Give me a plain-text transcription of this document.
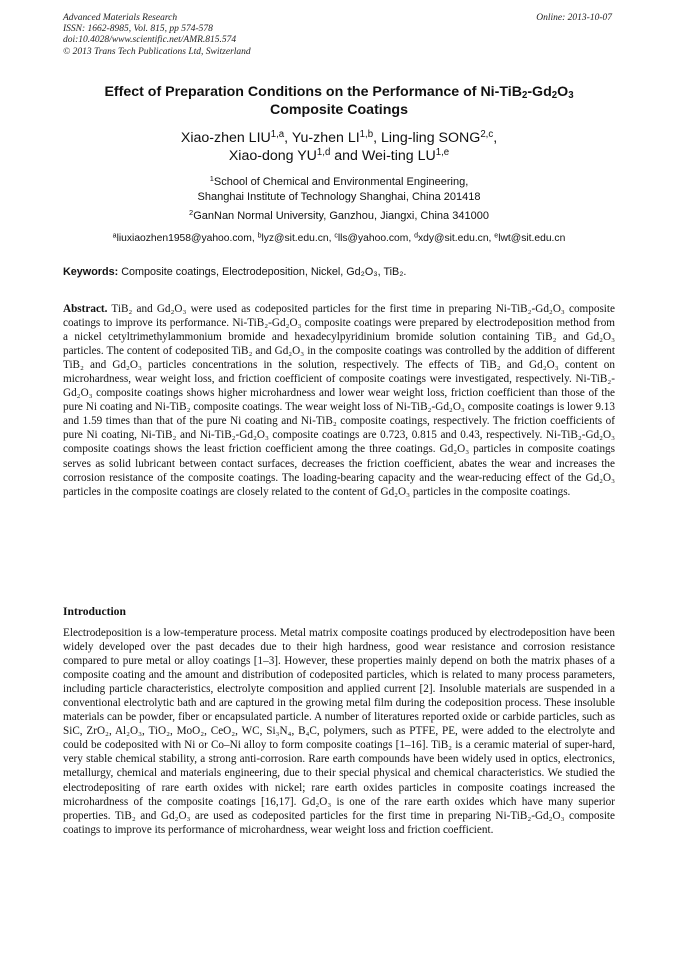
Advanced Materials Research
ISSN: 1662-8985, Vol. 815, pp 574-578
doi:10.4028/www.scientific.net/AMR.815.574
© 2013 Trans Tech Publications Ltd, Switzerland
Online: 2013-10-07
Effect of Preparation Conditions on the Performance of $Ni-TiB_2-Gd_2O_3$
Composite Coatings
Xiao-zhen LIU$^{1,a}$, Yu-zhen LI$^{1,b}$, Ling-ling SONG$^{2,c}$,
Xiao-dong YU$^{1,d}$ and Wei-ting LU$^{1,e}$
$^1$School of Chemical and Environmental Engineering,
Shanghai Institute of Technology Shanghai, China 201418
$^2$GanNan Normal University, Ganzhou, Jiangxi, China 341000
$^a$liuxiaozhen1958@yahoo.com, $^b$lyz@sit.edu.cn, $^c$lls@yahoo.com, $^d$xdy@sit.edu.cn, $^e$lwt@sit.edu.cn
Keywords: Composite coatings, Electrodeposition, Nickel, Gd₂O₃, TiB₂.
Abstract. TiB₂ and Gd₂O₃ were used as codeposited particles for the first time in preparing Ni-TiB₂-Gd₂O₃ composite coatings to improve its performance. Ni-TiB₂-Gd₂O₃ composite coatings were prepared by electrodeposition method from a nickel cetyltrimethylammonium bromide and hexadecylpyridinium bromide solution containing TiB₂ and Gd₂O₃ particles. The content of codeposited TiB₂ and Gd₂O₃ in the composite coatings was controlled by the addition of different TiB₂ and Gd₂O₃ particles concentrations in the solution, respectively. The effects of TiB₂ and Gd₂O₃ content on microhardness, wear weight loss, and friction coefficient of composite coatings were investigated, respectively. Ni-TiB₂-Gd₂O₃ composite coatings shows higher microhardness and lower wear weight loss, friction coefficient than those of the pure Ni coating and Ni-TiB₂ composite coatings. The wear weight loss of Ni-TiB₂-Gd₂O₃ composite coatings is lower 9.13 and 1.59 times than that of the pure Ni coating and Ni-TiB₂ composite coatings, respectively. The friction coefficients of pure Ni coating, Ni-TiB₂ and Ni-TiB₂-Gd₂O₃ composite coatings are 0.723, 0.815 and 0.43, respectively. Ni-TiB₂-Gd₂O₃ composite coatings shows the least friction coefficient among the three coatings. Gd₂O₃ particles in composite coatings serves as solid lubricant between contact surfaces, decreases the friction coefficient, abates the wear and increases the corrosion resistance of the composite coatings. The loading-bearing capacity and the wear-reducing effect of the Gd₂O₃ particles in the composite coatings are closely related to the content of Gd₂O₃ particles in the composite coatings.
Introduction
Electrodeposition is a low-temperature process. Metal matrix composite coatings produced by electrodeposition have been widely developed over the past decades due to their high hardness, good wear resistance and corrosion resistance compared to pure metal or alloy coatings [1–3]. However, these properties mainly depend on both the matrix phases of a composite coating and the amount and distribution of codeposited particles, which is related to many process parameters, including particle characteristics, electrolyte composition and applied current [2]. Insoluble materials are suspended in a conventional electrolytic bath and are captured in the growing metal film during the codeposition process. These insoluble materials can be powder, fiber or encapsulated particle. A number of literatures reported oxide or carbide particles, such as SiC, ZrO₂, Al₂O₃, TiO₂, MoO₂, CeO₂, WC, Si₃N₄, B₄C, polymers, such as PTFE, PE, were added to the electrolyte and could be codeposited with Ni or Co–Ni alloy to form composite coatings [1–16]. TiB₂ is a ceramic material of super-hard, very stable chemical stability, a strong anti-corrosion. Rare earth compounds have been widely used in optics, electronics, metallurgy, chemical and materials engineering, due to their special physical and chemical characteristics. We studied the electrodepositing of rare earth oxides with nickel; rare earth oxides particles in composite coatings increased the microhardness of the composite coatings [16,17]. Gd₂O₃ is one of the rare earth oxides which have many superior properties. TiB₂ and Gd₂O₃ are used as codeposited particles for the first time in preparing Ni-TiB₂-Gd₂O₃ composite coatings to improve its performance of microhardness, wear weight loss and friction coefficient.
